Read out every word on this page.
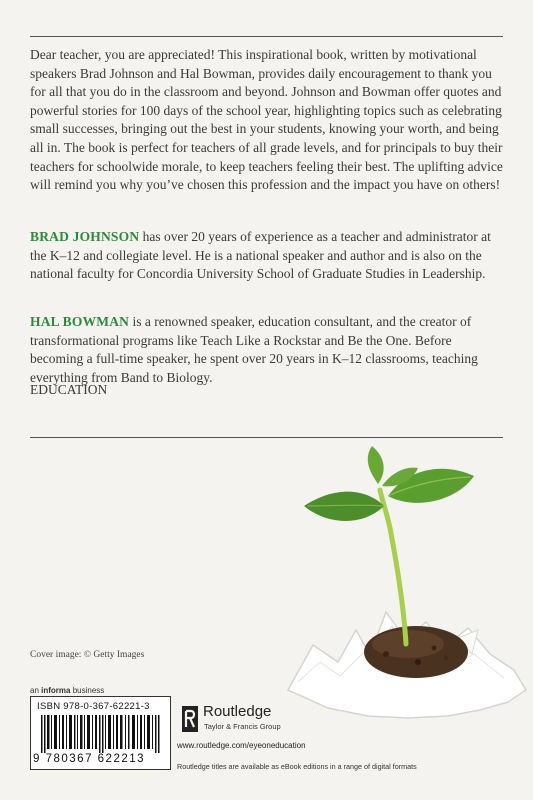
Dear teacher, you are appreciated! This inspirational book, written by motivational speakers Brad Johnson and Hal Bowman, provides daily encouragement to thank you for all that you do in the classroom and beyond. Johnson and Bowman offer quotes and powerful stories for 100 days of the school year, highlighting topics such as celebrating small successes, bringing out the best in your students, knowing your worth, and being all in. The book is perfect for teachers of all grade levels, and for principals to buy their teachers for schoolwide morale, to keep teachers feeling their best. The uplifting advice will remind you why you’ve chosen this profession and the impact you have on others!

BRAD JOHNSON has over 20 years of experience as a teacher and administrator at the K–12 and collegiate level. He is a national speaker and author and is also on the national faculty for Concordia University School of Graduate Studies in Leadership.

HAL BOWMAN is a renowned speaker, education consultant, and the creator of transformational programs like Teach Like a Rockstar and Be the One. Before becoming a full-time speaker, he spent over 20 years in K–12 classrooms, teaching everything from Band to Biology.

EDUCATION

Cover image: © Getty Images
an informa business
ISBN 978-0-367-62221-3
9 780367 622213
Routledge
Taylor & Francis Group
www.routledge.com/eyeoneducation
Routledge titles are available as eBook editions in a range of digital formats
